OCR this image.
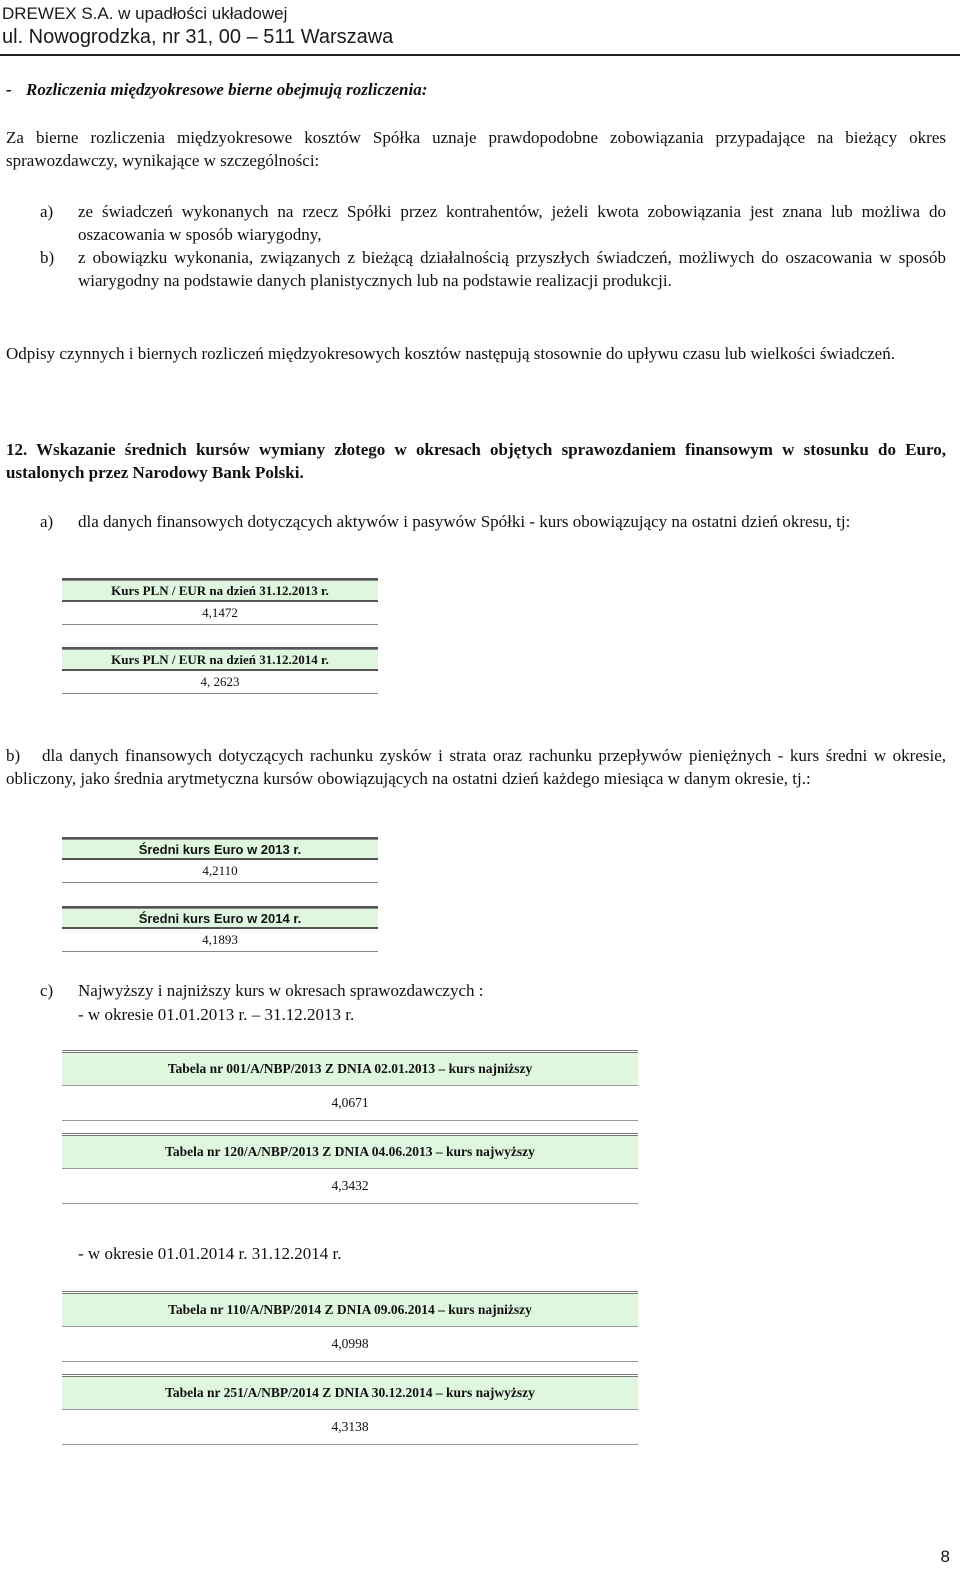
DREWEX S.A. w upadłości układowej
ul. Nowogrodzka, nr 31, 00 – 511 Warszawa
- Rozliczenia międzyokresowe bierne obejmują rozliczenia:
Za bierne rozliczenia międzyokresowe kosztów Spółka uznaje prawdopodobne zobowiązania przypadające na bieżący okres sprawozdawczy, wynikające w szczególności:
a) ze świadczeń wykonanych na rzecz Spółki przez kontrahentów, jeżeli kwota zobowiązania jest znana lub możliwa do oszacowania w sposób wiarygodny,
b) z obowiązku wykonania, związanych z bieżącą działalnością przyszłych świadczeń, możliwych do oszacowania w sposób wiarygodny na podstawie danych planistycznych lub na podstawie realizacji produkcji.
Odpisy czynnych i biernych rozliczeń międzyokresowych kosztów następują stosownie do upływu czasu lub wielkości świadczeń.
12. Wskazanie średnich kursów wymiany złotego w okresach objętych sprawozdaniem finansowym w stosunku do Euro, ustalonych przez Narodowy Bank Polski.
a) dla danych finansowych dotyczących aktywów i pasywów Spółki - kurs obowiązujący na ostatni dzień okresu, tj:
Kurs PLN / EUR na dzień 31.12.2013 r.
4,1472
Kurs PLN / EUR na dzień 31.12.2014 r.
4, 2623
b)	dla danych finansowych dotyczących rachunku zysków i strata oraz rachunku przepływów pieniężnych - kurs średni w okresie, obliczony, jako średnia arytmetyczna kursów obowiązujących na ostatni dzień każdego miesiąca w danym okresie, tj.:
Średni kurs Euro w 2013 r.
4,2110
Średni kurs Euro w 2014 r.
4,1893
c) Najwyższy i najniższy kurs w okresach sprawozdawczych :
- w okresie 01.01.2013 r. – 31.12.2013 r.
Tabela nr 001/A/NBP/2013 Z DNIA 02.01.2013 – kurs najniższy
4,0671
Tabela nr 120/A/NBP/2013 Z DNIA 04.06.2013 – kurs najwyższy
4,3432
- w okresie 01.01.2014 r. 31.12.2014 r.
Tabela nr 110/A/NBP/2014 Z DNIA 09.06.2014 – kurs najniższy
4,0998
Tabela nr 251/A/NBP/2014 Z DNIA 30.12.2014 – kurs najwyższy
4,3138
8
